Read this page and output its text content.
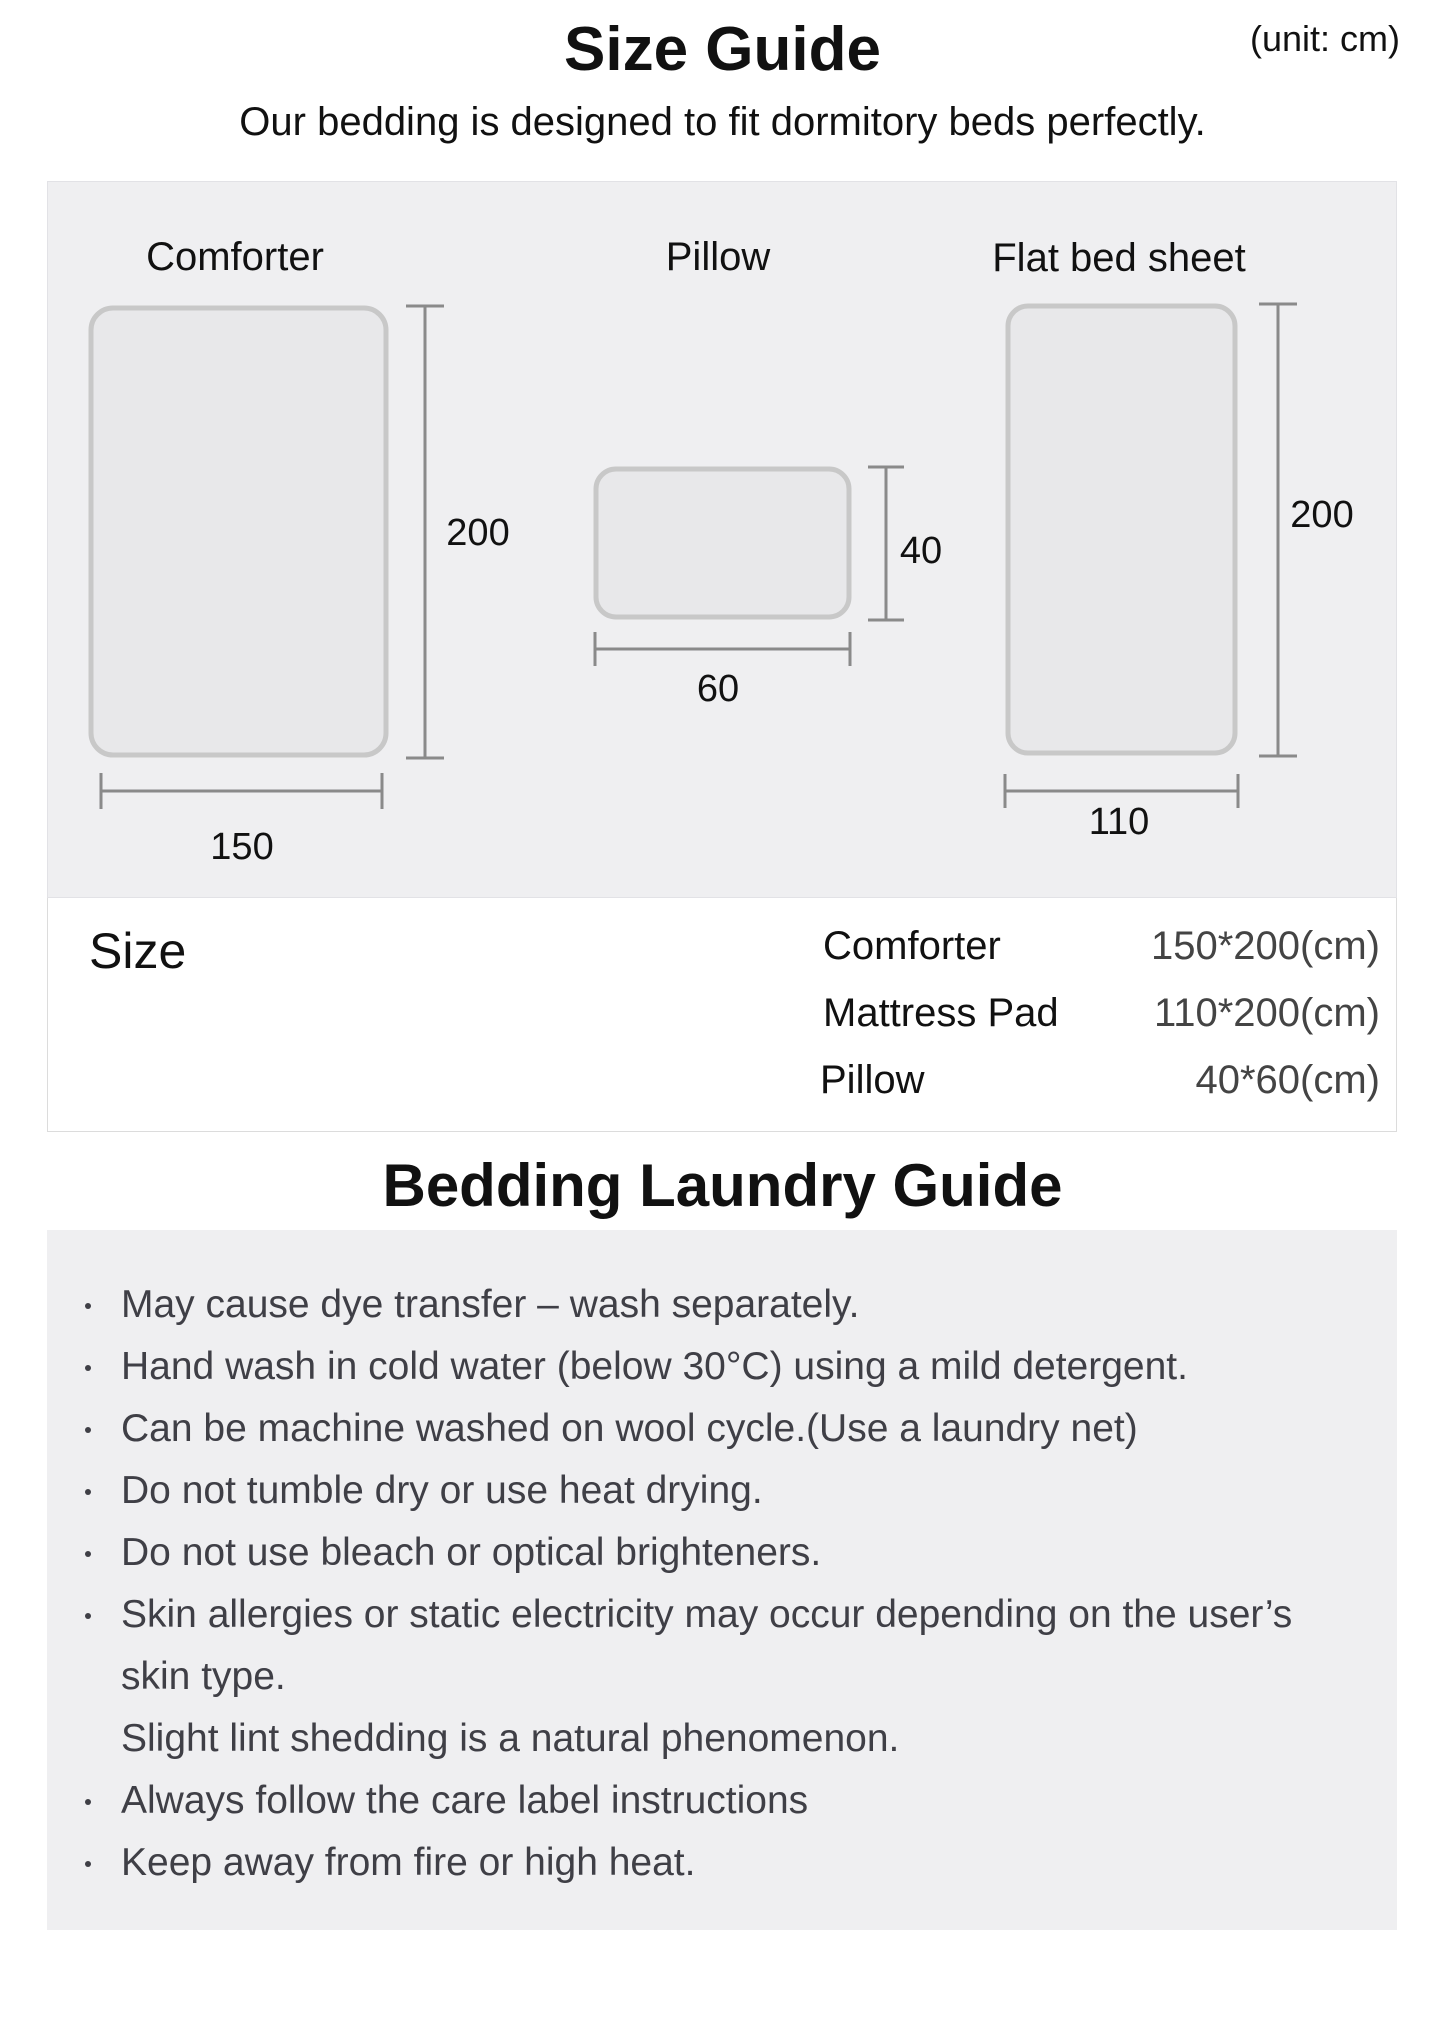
Size Guide	(unit: cm)
Our bedding is designed to fit dormitory beds perfectly.
Comforter
200
150
Pillow
40
60
Flat bed sheet
200
110
Size	Comforter	150*200(cm)
Mattress Pad 110*200(cm)
Pillow	40*60(cm)
Bedding Laundry Guide
May cause dye transfer – wash separately.
Hand wash in cold water (below 30°C) using a mild detergent.
Can be machine washed on wool cycle.(Use a laundry net)
Do not tumble dry or use heat drying.
Do not use bleach or optical brighteners.
Skin allergies or static electricity may occur depending on the user’s skin type.
Slight lint shedding is a natural phenomenon.
Always follow the care label instructions
Keep away from fire or high heat.
